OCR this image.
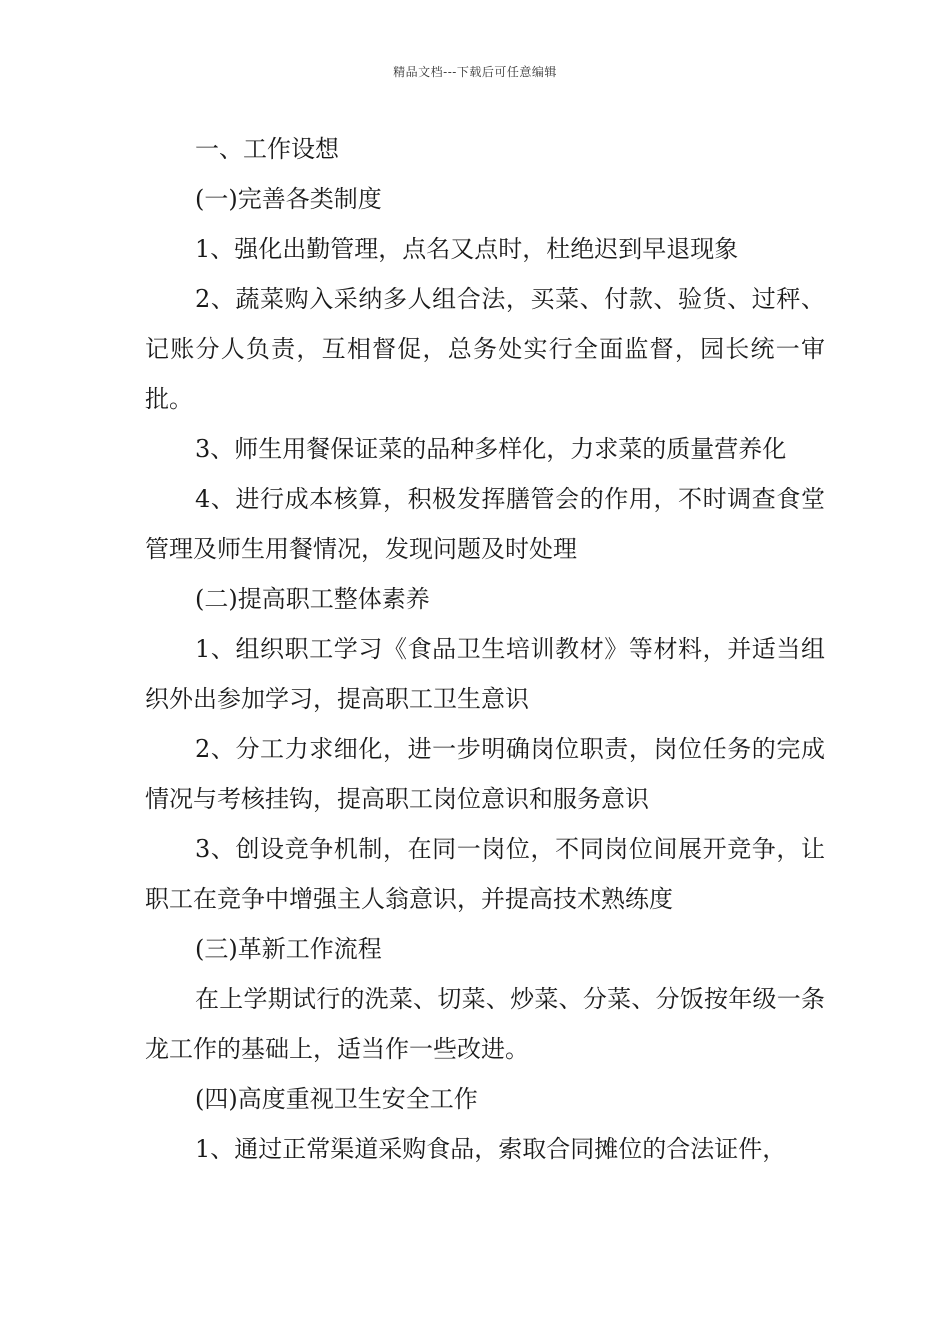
精品文档---下载后可任意编辑

一、工作设想

(一)完善各类制度

1、强化出勤管理，点名又点时，杜绝迟到早退现象

2、蔬菜购入采纳多人组合法，买菜、付款、验货、过秤、记账分人负责，互相督促，总务处实行全面监督，园长统一审批。

3、师生用餐保证菜的品种多样化，力求菜的质量营养化

4、进行成本核算，积极发挥膳管会的作用，不时调查食堂管理及师生用餐情况，发现问题及时处理

(二)提高职工整体素养

1、组织职工学习《食品卫生培训教材》等材料，并适当组织外出参加学习，提高职工卫生意识

2、分工力求细化，进一步明确岗位职责，岗位任务的完成情况与考核挂钩，提高职工岗位意识和服务意识

3、创设竞争机制，在同一岗位，不同岗位间展开竞争，让职工在竞争中增强主人翁意识，并提高技术熟练度

(三)革新工作流程

在上学期试行的洗菜、切菜、炒菜、分菜、分饭按年级一条龙工作的基础上，适当作一些改进。

(四)高度重视卫生安全工作

1、通过正常渠道采购食品，索取合同摊位的合法证件，
